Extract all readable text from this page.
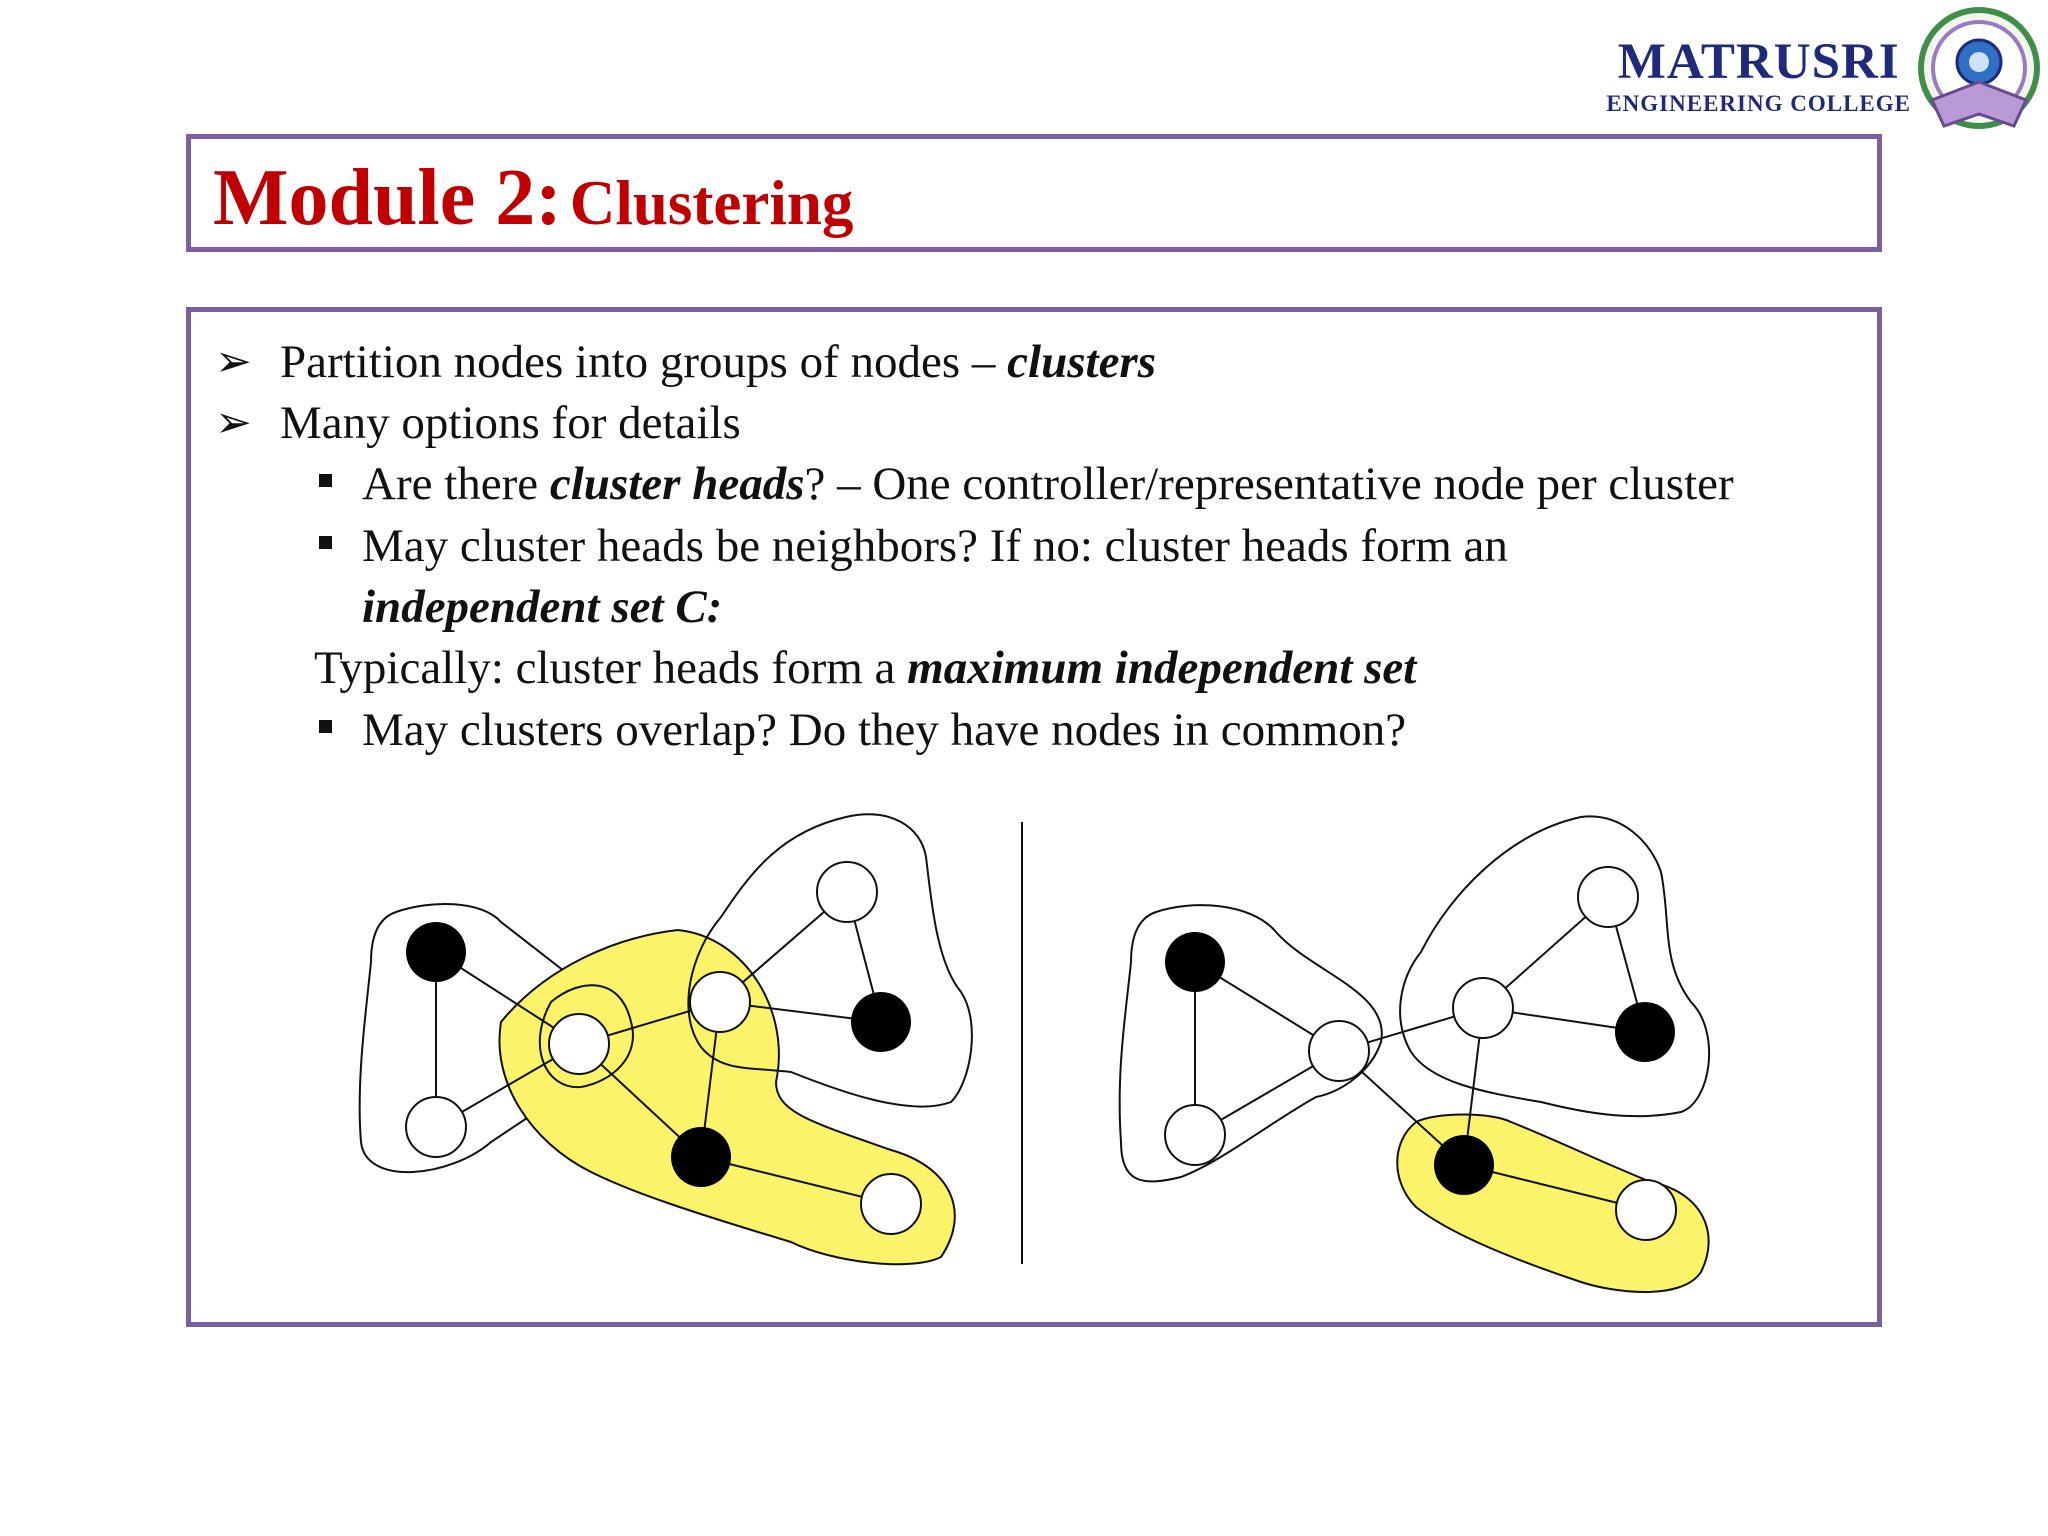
MATRUSRI
ENGINEERING COLLEGE
Module 2: Clustering
➢ Partition nodes into groups of nodes – clusters
➢ Many options for details
Are there cluster heads? – One controller/representative node per cluster
May cluster heads be neighbors? If no: cluster heads form an
independent set C:
Typically: cluster heads form a maximum independent set
May clusters overlap? Do they have nodes in common?
